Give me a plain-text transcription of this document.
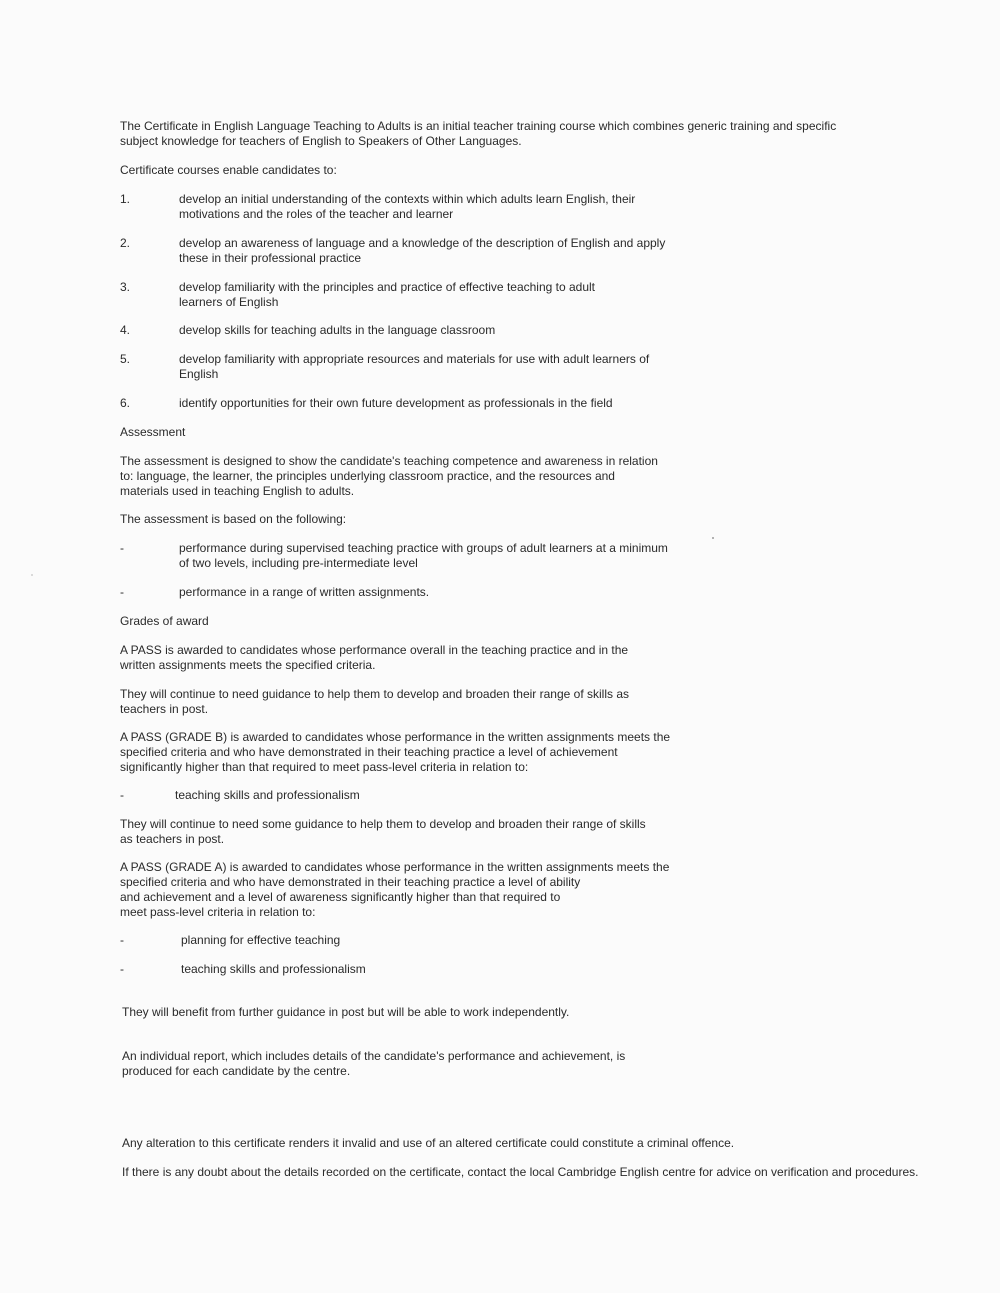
The Certificate in English Language Teaching to Adults is an initial teacher training course which combines generic training and specific
subject knowledge for teachers of English to Speakers of Other Languages.

Certificate courses enable candidates to:

1.	develop an initial understanding of the contexts within which adults learn English, their
motivations and the roles of the teacher and learner
2.	develop an awareness of language and a knowledge of the description of English and apply
these in their professional practice
3.	develop familiarity with the principles and practice of effective teaching to adult
learners of English
4.	develop skills for teaching adults in the language classroom
5.	develop familiarity with appropriate resources and materials for use with adult learners of
English
6.	identify opportunities for their own future development as professionals in the field

Assessment

The assessment is designed to show the candidate's teaching competence and awareness in relation
to: language, the learner, the principles underlying classroom practice, and the resources and
materials used in teaching English to adults.

The assessment is based on the following:

-	performance during supervised teaching practice with groups of adult learners at a minimum
of two levels, including pre-intermediate level
-	performance in a range of written assignments.

Grades of award

A PASS is awarded to candidates whose performance overall in the teaching practice and in the
written assignments meets the specified criteria.

They will continue to need guidance to help them to develop and broaden their range of skills as
teachers in post.

A PASS (GRADE B) is awarded to candidates whose performance in the written assignments meets the
specified criteria and who have demonstrated in their teaching practice a level of achievement
significantly higher than that required to meet pass-level criteria in relation to:

-	teaching skills and professionalism

They will continue to need some guidance to help them to develop and broaden their range of skills
as teachers in post.

A PASS (GRADE A) is awarded to candidates whose performance in the written assignments meets the
specified criteria and who have demonstrated in their teaching practice a level of ability
and achievement and a level of awareness significantly higher than that required to
meet pass-level criteria in relation to:

-	planning for effective teaching
-	teaching skills and professionalism

They will benefit from further guidance in post but will be able to work independently.

An individual report, which includes details of the candidate's performance and achievement, is
produced for each candidate by the centre.

Any alteration to this certificate renders it invalid and use of an altered certificate could constitute a criminal offence.

If there is any doubt about the details recorded on the certificate, contact the local Cambridge English centre for advice on verification and procedures.
